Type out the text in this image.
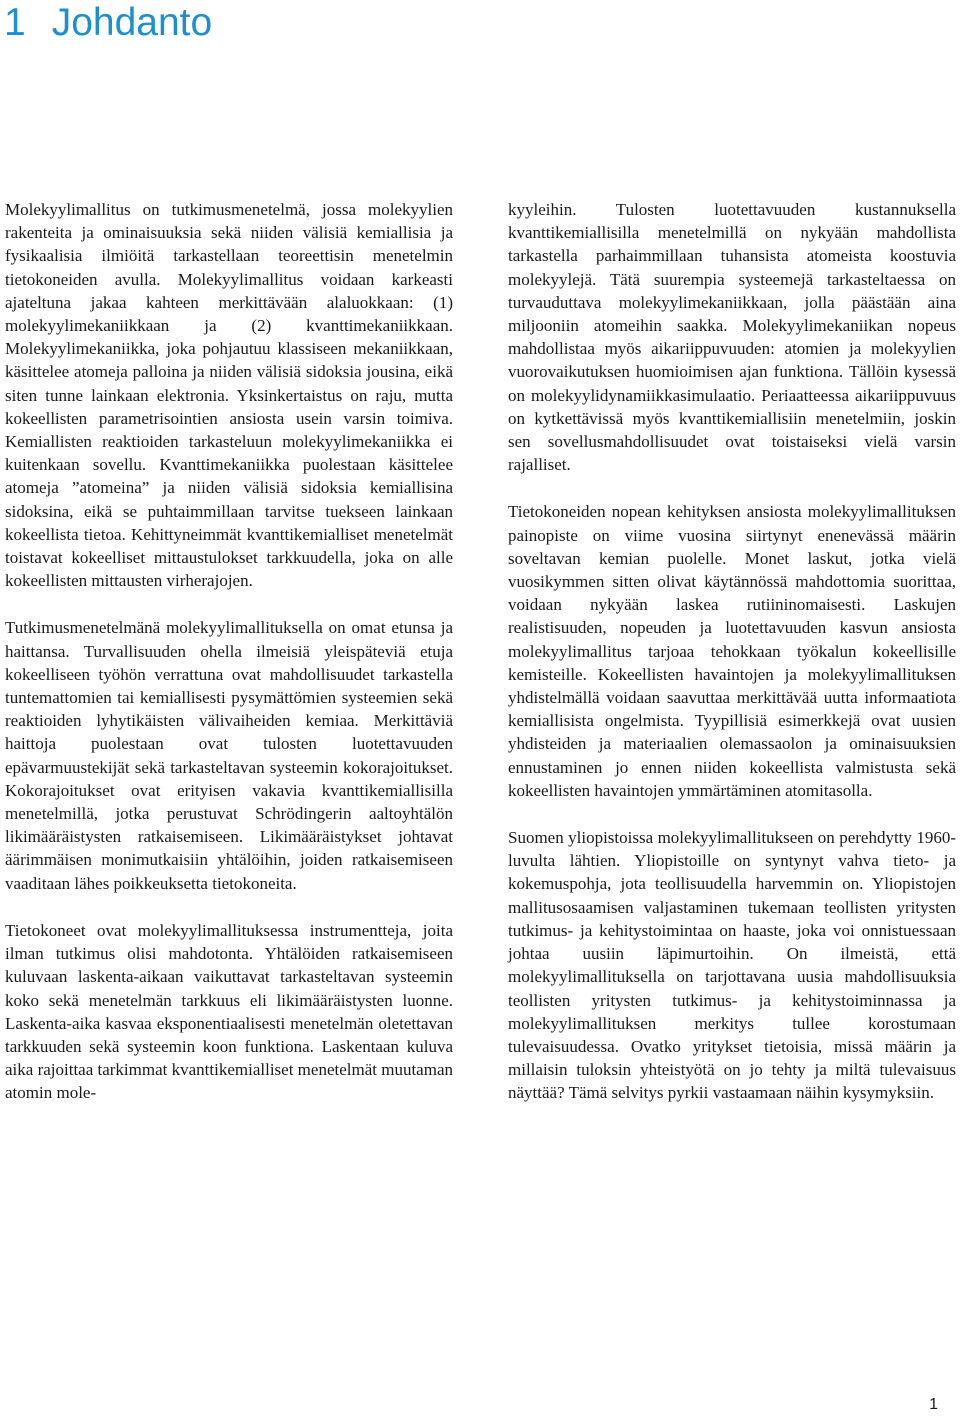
1 Johdanto

Molekyylimallitus on tutkimusmenetelmä, jossa molekyylien rakenteita ja ominaisuuksia sekä niiden välisiä kemiallisia ja fysikaalisia ilmiöitä tarkastellaan teoreettisin menetelmin tietokoneiden avulla. Molekyylimallitus voidaan karkeasti ajateltuna jakaa kahteen merkittävään alaluokkaan: (1) molekyylimekaniikkaan ja (2) kvanttimekaniikkaan. Molekyylimekaniikka, joka pohjautuu klassiseen mekaniikkaan, käsittelee atomeja palloina ja niiden välisiä sidoksia jousina, eikä siten tunne lainkaan elektronia. Yksinkertaistus on raju, mutta kokeellisten parametrisointien ansiosta usein varsin toimiva. Kemiallisten reaktioiden tarkasteluun molekyylimekaniikka ei kuitenkaan sovellu. Kvanttimekaniikka puolestaan käsittelee atomeja ”atomeina” ja niiden välisiä sidoksia kemiallisina sidoksina, eikä se puhtaimmillaan tarvitse tuekseen lainkaan kokeellista tietoa. Kehittyneimmät kvanttikemialliset menetelmät toistavat kokeelliset mittaustulokset tarkkuudella, joka on alle kokeellisten mittausten virherajojen.

Tutkimusmenetelmänä molekyylimallituksella on omat etunsa ja haittansa. Turvallisuuden ohella ilmeisiä yleispäteviä etuja kokeelliseen työhön verrattuna ovat mahdollisuudet tarkastella tuntemattomien tai kemiallisesti pysymättömien systeemien sekä reaktioiden lyhytikäisten välivaiheiden kemiaa. Merkittäviä haittoja puolestaan ovat tulosten luotettavuuden epävarmuustekijät sekä tarkasteltavan systeemin kokorajoitukset. Kokorajoitukset ovat erityisen vakavia kvanttikemiallisilla menetelmillä, jotka perustuvat Schrödingerin aaltoyhtälön likimääräistysten ratkaisemiseen. Likimääräistykset johtavat äärimmäisen monimutkaisiin yhtälöihin, joiden ratkaisemiseen vaaditaan lähes poikkeuksetta tietokoneita.

Tietokoneet ovat molekyylimallituksessa instrumentteja, joita ilman tutkimus olisi mahdotonta. Yhtälöiden ratkaisemiseen kuluvaan laskenta-aikaan vaikuttavat tarkasteltavan systeemin koko sekä menetelmän tarkkuus eli likimääräistysten luonne. Laskenta-aika kasvaa eksponentiaalisesti menetelmän oletettavan tarkkuuden sekä systeemin koon funktiona. Laskentaan kuluva aika rajoittaa tarkimmat kvanttikemialliset menetelmät muutaman atomin mole-

kyyleihin. Tulosten luotettavuuden kustannuksella kvanttikemiallisilla menetelmillä on nykyään mahdollista tarkastella parhaimmillaan tuhansista atomeista koostuvia molekyylejä. Tätä suurempia systeemejä tarkasteltaessa on turvauduttava molekyylimekaniikkaan, jolla päästään aina miljooniin atomeihin saakka. Molekyylimekaniikan nopeus mahdollistaa myös aikariippuvuuden: atomien ja molekyylien vuorovaikutuksen huomioimisen ajan funktiona. Tällöin kysessä on molekyylidynamiikkasimulaatio. Periaatteessa aikariippuvuus on kytkettävissä myös kvanttikemiallisiin menetelmiin, joskin sen sovellusmahdollisuudet ovat toistaiseksi vielä varsin rajalliset.

Tietokoneiden nopean kehityksen ansiosta molekyylimallituksen painopiste on viime vuosina siirtynyt enenevässä määrin soveltavan kemian puolelle. Monet laskut, jotka vielä vuosikymmen sitten olivat käytännössä mahdottomia suorittaa, voidaan nykyään laskea rutiininomaisesti. Laskujen realistisuuden, nopeuden ja luotettavuuden kasvun ansiosta molekyylimallitus tarjoaa tehokkaan työkalun kokeellisille kemisteille. Kokeellisten havaintojen ja molekyylimallituksen yhdistelmällä voidaan saavuttaa merkittävää uutta informaatiota kemiallisista ongelmista. Tyypillisiä esimerkkejä ovat uusien yhdisteiden ja materiaalien olemassaolon ja ominaisuuksien ennustaminen jo ennen niiden kokeellista valmistusta sekä kokeellisten havaintojen ymmärtäminen atomitasolla.

Suomen yliopistoissa molekyylimallitukseen on perehdytty 1960-luvulta lähtien. Yliopistoille on syntynyt vahva tieto- ja kokemuspohja, jota teollisuudella harvemmin on. Yliopistojen mallitusosaamisen valjastaminen tukemaan teollisten yritysten tutkimus- ja kehitystoimintaa on haaste, joka voi onnistuessaan johtaa uusiin läpimurtoihin. On ilmeistä, että molekyylimallituksella on tarjottavana uusia mahdollisuuksia teollisten yritysten tutkimus- ja kehitystoiminnassa ja molekyylimallituksen merkitys tullee korostumaan tulevaisuudessa. Ovatko yritykset tietoisia, missä määrin ja millaisin tuloksin yhteistyötä on jo tehty ja miltä tulevaisuus näyttää? Tämä selvitys pyrkii vastaamaan näihin kysymyksiin.

1
